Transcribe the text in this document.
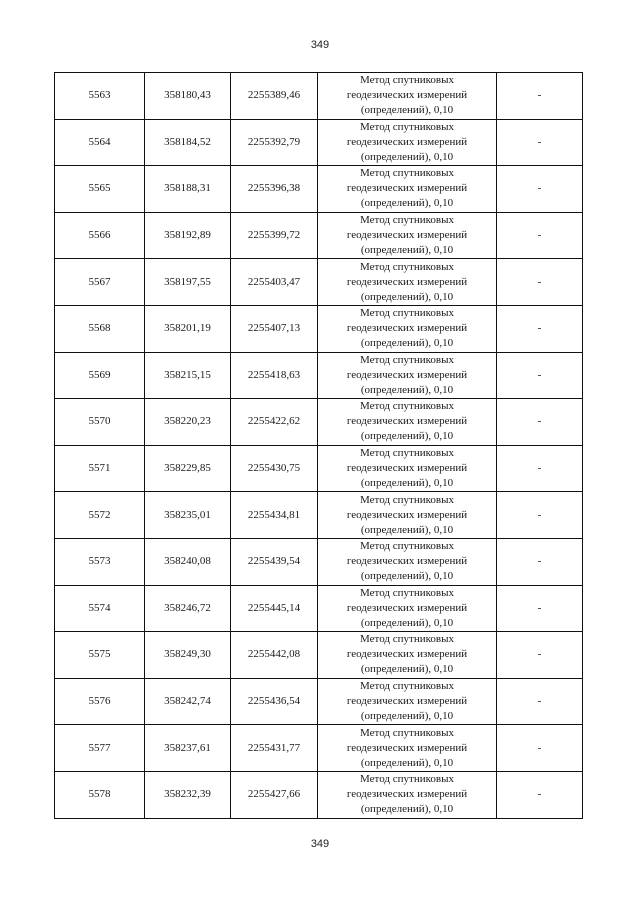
349
5563	358180,43	2255389,46	Метод спутниковых
геодезических измерений
(определений), 0,10	-
5564	358184,52	2255392,79	Метод спутниковых
геодезических измерений
(определений), 0,10	-
5565	358188,31	2255396,38	Метод спутниковых
геодезических измерений
(определений), 0,10	-
5566	358192,89	2255399,72	Метод спутниковых
геодезических измерений
(определений), 0,10	-
5567	358197,55	2255403,47	Метод спутниковых
геодезических измерений
(определений), 0,10	-
5568	358201,19	2255407,13	Метод спутниковых
геодезических измерений
(определений), 0,10	-
5569	358215,15	2255418,63	Метод спутниковых
геодезических измерений
(определений), 0,10	-
5570	358220,23	2255422,62	Метод спутниковых
геодезических измерений
(определений), 0,10	-
5571	358229,85	2255430,75	Метод спутниковых
геодезических измерений
(определений), 0,10	-
5572	358235,01	2255434,81	Метод спутниковых
геодезических измерений
(определений), 0,10	-
5573	358240,08	2255439,54	Метод спутниковых
геодезических измерений
(определений), 0,10	-
5574	358246,72	2255445,14	Метод спутниковых
геодезических измерений
(определений), 0,10	-
5575	358249,30	2255442,08	Метод спутниковых
геодезических измерений
(определений), 0,10	-
5576	358242,74	2255436,54	Метод спутниковых
геодезических измерений
(определений), 0,10	-
5577	358237,61	2255431,77	Метод спутниковых
геодезических измерений
(определений), 0,10	-
5578	358232,39	2255427,66	Метод спутниковых
геодезических измерений
(определений), 0,10	-
349
